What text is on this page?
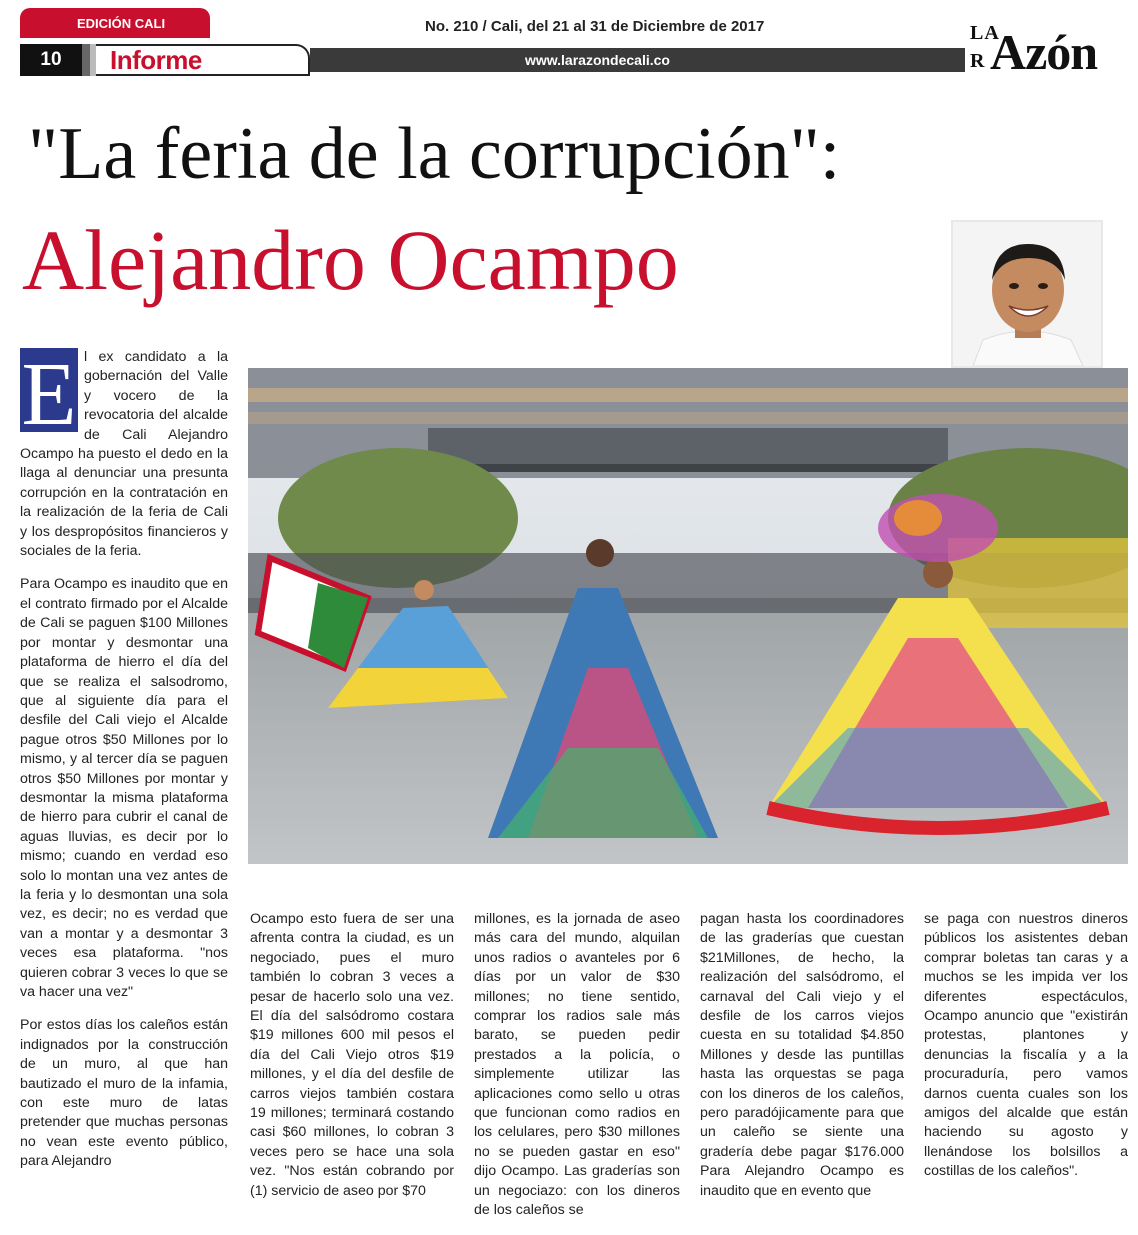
EDICIÓN CALI
10	Informe
No. 210 / Cali, del 21 al 31 de Diciembre de 2017
www.larazondecali.co
LA
R Azón
"La feria de la corrupción":
Alejandro Ocampo

E l ex candidato a la gobernación del Valle y vocero de la revocatoria del alcalde de Cali Alejandro Ocampo ha puesto el dedo en la llaga al denunciar una presunta corrupción en la contratación en la realización de la feria de Cali y los despropósitos financieros y sociales de la feria.

Para Ocampo es inaudito que en el contrato firmado por el Alcalde de Cali se paguen $100 Millones por montar y desmontar una plataforma de hierro el día del que se realiza el salsodromo, que al siguiente día para el desfile del Cali viejo el Alcalde pague otros $50 Millones por lo mismo, y al tercer día se paguen otros $50 Millones por montar y desmontar la misma plataforma de hierro para cubrir el canal de aguas lluvias, es decir por lo mismo; cuando en verdad eso solo lo montan una vez antes de la feria y lo desmontan una sola vez, es decir; no es verdad que van a montar y a desmontar 3 veces esa plataforma. "nos quieren cobrar 3 veces lo que se va hacer una vez"

Por estos días los caleños están indignados por la construcción de un muro, al que han bautizado el muro de la infamia, con este muro de latas pretender que muchas personas no vean este evento público, para Alejandro

Ocampo esto fuera de ser una afrenta contra la ciudad, es un negociado, pues el muro también lo cobran 3 veces a pesar de hacerlo solo una vez. El día del salsódromo costara $19 millones 600 mil pesos el día del Cali Viejo otros $19 millones, y el día del desfile de carros viejos también costara 19 millones; terminará costando casi $60 millones, lo cobran 3 veces pero se hace una sola vez. "Nos están cobrando por (1) servicio de aseo por $70

millones, es la jornada de aseo más cara del mundo, alquilan unos radios o avanteles por 6 días por un valor de $30 millones; no tiene sentido, comprar los radios sale más barato, se pueden pedir prestados a la policía, o simplemente utilizar las aplicaciones como sello u otras que funcionan como radios en los celulares, pero $30 millones no se pueden gastar en eso" dijo Ocampo. Las graderías son un negociazo: con los dineros de los caleños se

pagan hasta los coordinadores de las graderías que cuestan $21Millones, de hecho, la realización del salsódromo, el carnaval del Cali viejo y el desfile de los carros viejos cuesta en su totalidad $4.850 Millones y desde las puntillas hasta las orquestas se paga con los dineros de los caleños, pero paradójicamente para que un caleño se siente una gradería debe pagar $176.000 Para Alejandro Ocampo es inaudito que en evento que

se paga con nuestros dineros públicos los asistentes deban comprar boletas tan caras y a muchos se les impida ver los diferentes espectáculos, Ocampo anuncio que "existirán protestas, plantones y denuncias la fiscalía y a la procuraduría, pero vamos darnos cuenta cuales son los amigos del alcalde que están haciendo su agosto y llenándose los bolsillos a costillas de los caleños".
